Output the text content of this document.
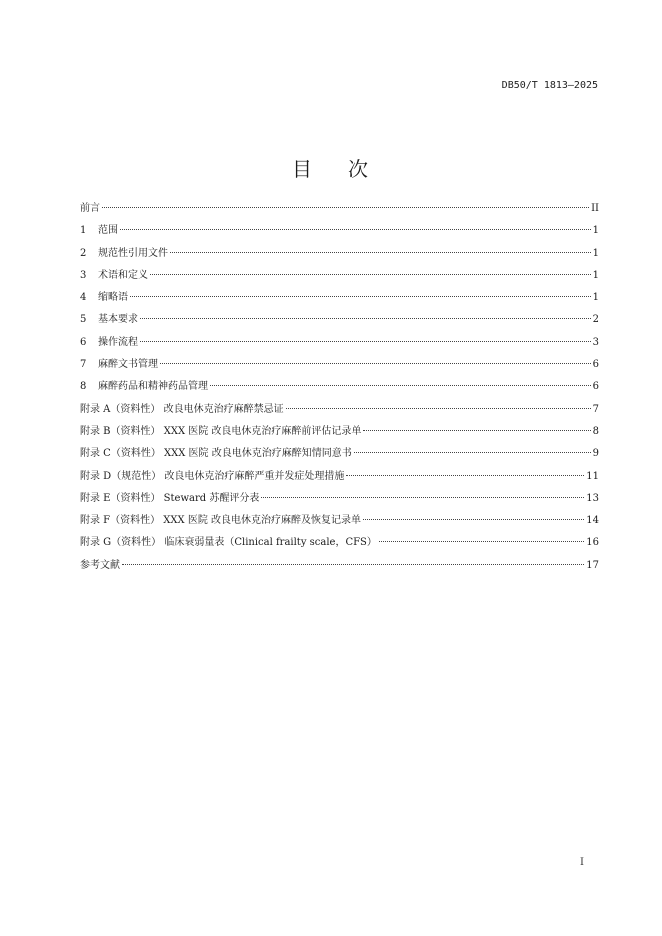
DB50/T 1813—2025
目 次
前言	II
1	范围	1
2	规范性引用文件	1
3	术语和定义	1
4	缩略语	1
5	基本要求	2
6	操作流程	3
7	麻醉文书管理	6
8	麻醉药品和精神药品管理	6
附录 A（资料性） 改良电休克治疗麻醉禁忌证	7
附录 B（资料性） XXX 医院 改良电休克治疗麻醉前评估记录单	8
附录 C（资料性） XXX 医院 改良电休克治疗麻醉知情同意书	9
附录 D（规范性） 改良电休克治疗麻醉严重并发症处理措施	11
附录 E（资料性） Steward 苏醒评分表	13
附录 F（资料性） XXX 医院 改良电休克治疗麻醉及恢复记录单	14
附录 G（资料性） 临床衰弱量表（Clinical frailty scale，CFS）	16
参考文献	17
I
